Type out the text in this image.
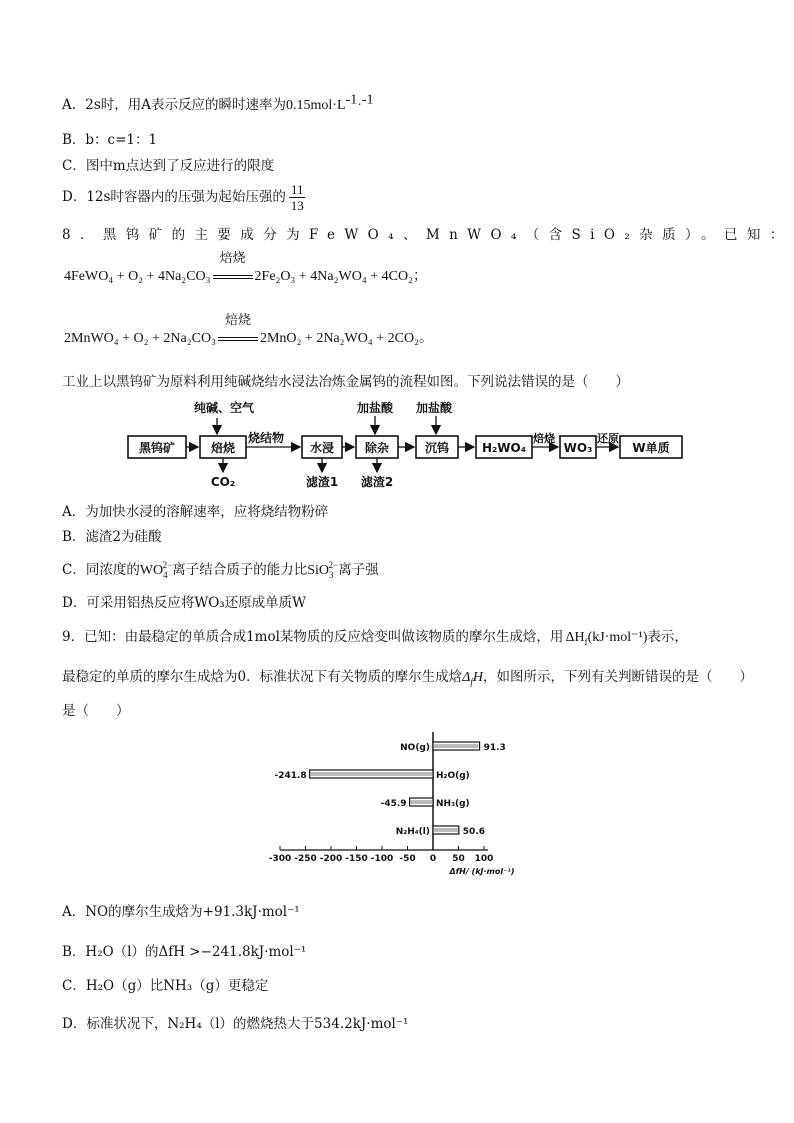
A．2s时，用A表示反应的瞬时速率为$0.15mol\cdot L^{-1}\cdot^{-1}$
B．b：c=1：1
C．图中m点达到了反应进行的限度
D．12s时容器内的压强为起始压强的 $\frac{11}{13}$
8．黑钨矿的主要成分为FeWO₄、MnWO₄（含SiO₂杂质）。已知：
4FeWO₄ + O₂ + 4Na₂CO₃
焙烧
2Fe₂O₃ + 4Na₂WO₄ + 4CO₂；
2MnWO₄ + O₂ + 2Na₂CO₃
焙烧
2MnO₂ + 2Na₂WO₄ + 2CO₂。
工业上以黑钨矿为原料利用纯碱烧结水浸法冶炼金属钨的流程如图。下列说法错误的是（　　）
纯碱、空气	加盐酸 加盐酸
黑钨矿	焙烧	水浸	除杂	沉钨	H₂WO₄	WO₃	W单质
烧结物	焙烧	还原
CO₂	滤渣1 滤渣2
A．为加快水浸的溶解速率，应将烧结物粉碎
B．滤渣2为硅酸
C．同浓度的$WO_4^{2-}$离子结合质子的能力比SiO$_3^{2-}$离子强
D．可采用铝热反应将WO₃还原成单质W
9．已知：由最稳定的单质合成1mol某物质的反应焓变叫做该物质的摩尔生成焓，用 $\Delta H_f(kJ\cdot mol^{-1})$表示，
最稳定的单质的摩尔生成焓为0．标准状况下有关物质的摩尔生成焓$\Delta_fH$，如图所示，下列有关判断错误的是（　　）
是（　　）
-300 -250 -200 -150 -100 -50 0 50 100
ΔfH/ (kJ·mol⁻¹)
NO(g)	91.3
H₂O(g)
-241.8
NH₃(g)
-45.9
N₂H₄(l)	50.6
A．NO的摩尔生成焓为+91.3kJ·mol⁻¹
B．H₂O（l）的ΔfH >−241.8kJ·mol⁻¹
C．H₂O（g）比NH₃（g）更稳定
D．标准状况下，N₂H₄（l）的燃烧热大于534.2kJ·mol⁻¹
